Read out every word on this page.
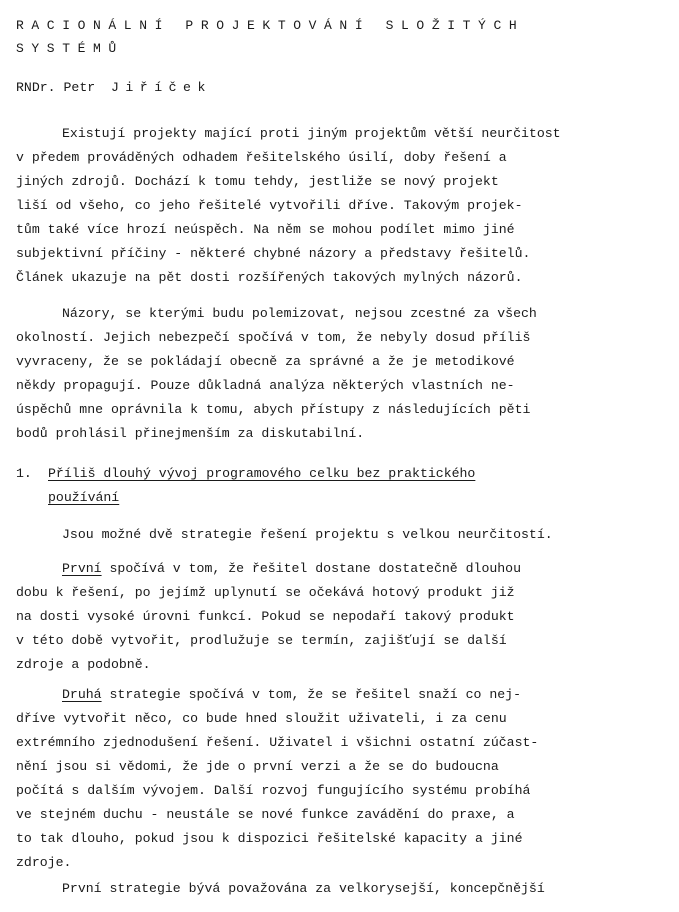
RACIONÁLNÍ PROJEKTOVÁNÍ SLOŽITÝCH
SYSTÉMŮ
RNDr. Petr Jiříček
Existují projekty mající proti jiným projektům větší neurčitost
v předem prováděných odhadem řešitelského úsilí, doby řešení a
jiných zdrojů. Dochází k tomu tehdy, jestliže se nový projekt
liší od všeho, co jeho řešitelé vytvořili dříve. Takovým projek-
tům také více hrozí neúspěch. Na něm se mohou podílet mimo jiné
subjektivní příčiny - některé chybné názory a představy řešitelů.
Článek ukazuje na pět dosti rozšířených takových mylných názorů.
Názory, se kterými budu polemizovat, nejsou zcestné za všech
okolností. Jejich nebezpečí spočívá v tom, že nebyly dosud příliš
vyvraceny, že se pokládají obecně za správné a že je metodikové
někdy propagují. Pouze důkladná analýza některých vlastních ne-
úspěchů mne oprávnila k tomu, abych přístupy z následujících pěti
bodů prohlásil přinejmenším za diskutabilní.
1. Příliš dlouhý vývoj programového celku bez praktického
používání
Jsou možné dvě strategie řešení projektu s velkou neurčitostí.
První spočívá v tom, že řešitel dostane dostatečně dlouhou
dobu k řešení, po jejímž uplynutí se očekává hotový produkt již
na dosti vysoké úrovni funkcí. Pokud se nepodaří takový produkt
v této době vytvořit, prodlužuje se termín, zajišťují se další
zdroje a podobně.
Druhá strategie spočívá v tom, že se řešitel snaží co nej-
dříve vytvořit něco, co bude hned sloužit uživateli, i za cenu
extrémního zjednodušení řešení. Uživatel i všichni ostatní zúčast-
nění jsou si vědomi, že jde o první verzi a že se do budoucna
počítá s dalším vývojem. Další rozvoj fungujícího systému probíhá
ve stejném duchu - neustále se nové funkce zavádění do praxe, a
to tak dlouho, pokud jsou k dispozici řešitelské kapacity a jiné
zdroje.
První strategie bývá považována za velkorysejší, koncepčnější
